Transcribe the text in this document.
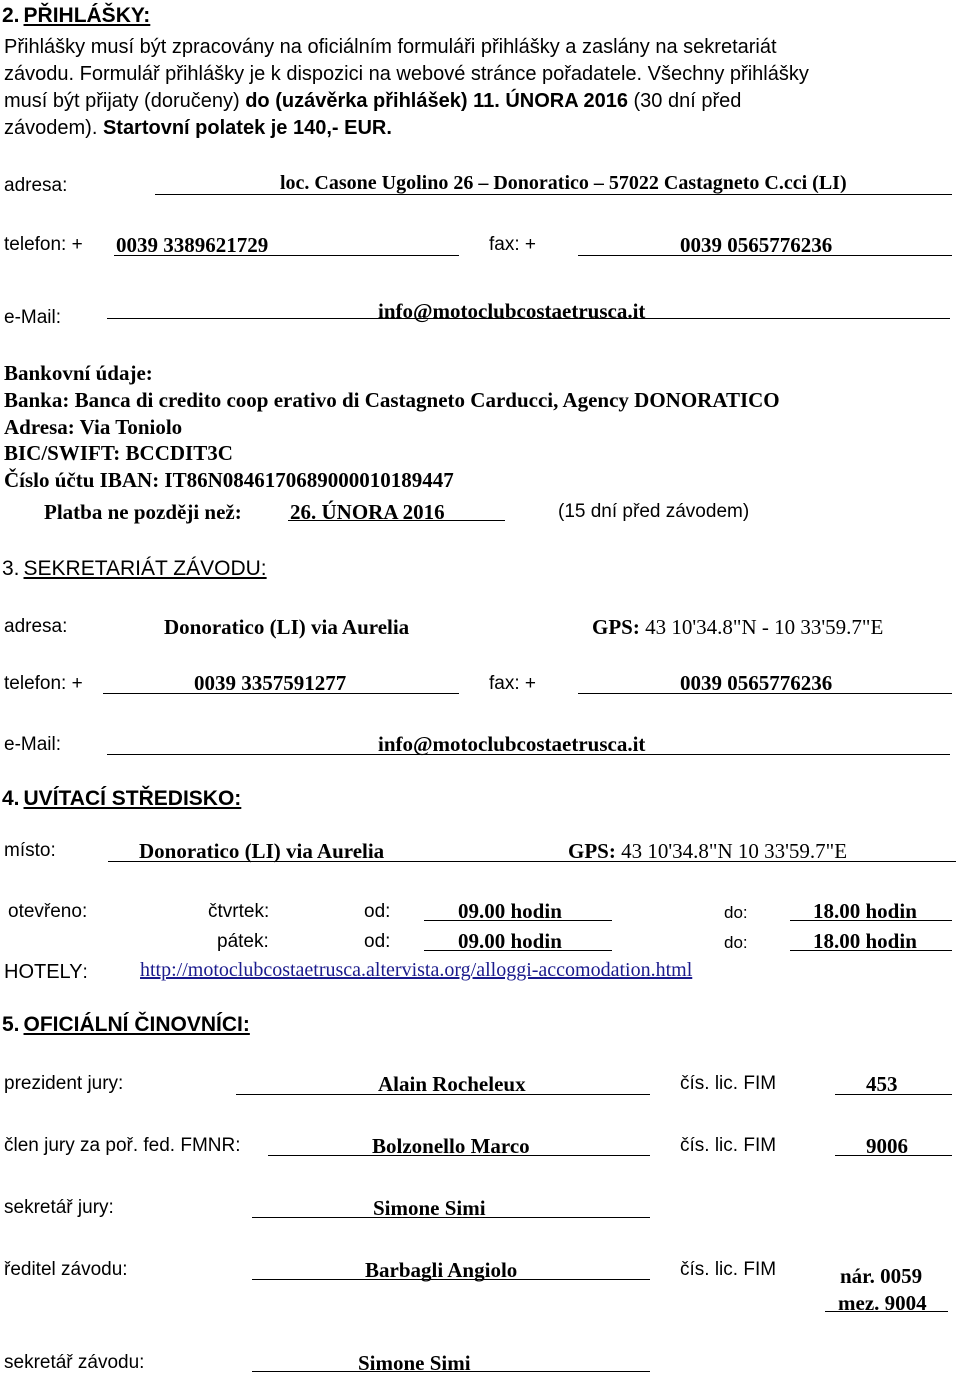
2. PŘIHLÁŠKY:
Přihlášky musí být zpracovány na oficiálním formuláři přihlášky a zaslány na sekretariát
závodu. Formulář přihlášky je k dispozici na webové stránce pořadatele. Všechny přihlášky
musí být přijaty (doručeny) do (uzávěrka přihlášek) 11. ÚNORA 2016 (30 dní před
závodem). Startovní polatek je 140,- EUR.
adresa:	loc. Casone Ugolino 26 – Donoratico – 57022 Castagneto C.cci (LI)
telefon: + 0039 3389621729	fax: +	0039 0565776236
e-Mail:	info@motoclubcostaetrusca.it
Bankovní údaje:
Banka: Banca di credito coop erativo di Castagneto Carducci, Agency DONORATICO
Adresa: Via Toniolo
BIC/SWIFT: BCCDIT3C
Číslo účtu IBAN: IT86N0846170689000010189447
Platba ne později než: 26. ÚNORA 2016	(15 dní před závodem)
3. SEKRETARIÁT ZÁVODU:
adresa:	Donoratico (LI) via Aurelia	GPS: 43 10'34.8"N - 10 33'59.7"E
telefon: +	0039 3357591277	fax: +	0039 0565776236
e-Mail:	info@motoclubcostaetrusca.it
4. UVÍTACÍ STŘEDISKO:
místo:	Donoratico (LI) via Aurelia	GPS: 43 10'34.8"N 10 33'59.7"E
otevřeno:	čtvrtek:	od:	09.00 hodin	do:	18.00 hodin
pátek:	od:	09.00 hodin	do:	18.00 hodin
HOTELY:	http://motoclubcostaetrusca.altervista.org/alloggi-accomodation.html
5. OFICIÁLNÍ ČINOVNÍCI:
prezident jury:	Alain Rocheleux	čís. lic. FIM	453
člen jury za poř. fed. FMNR:	Bolzonello Marco	čís. lic. FIM	9006
sekretář jury:	Simone Simi
ředitel závodu:	Barbagli Angiolo	čís. lic. FIM	nár. 0059
mez. 9004
sekretář závodu:	Simone Simi
